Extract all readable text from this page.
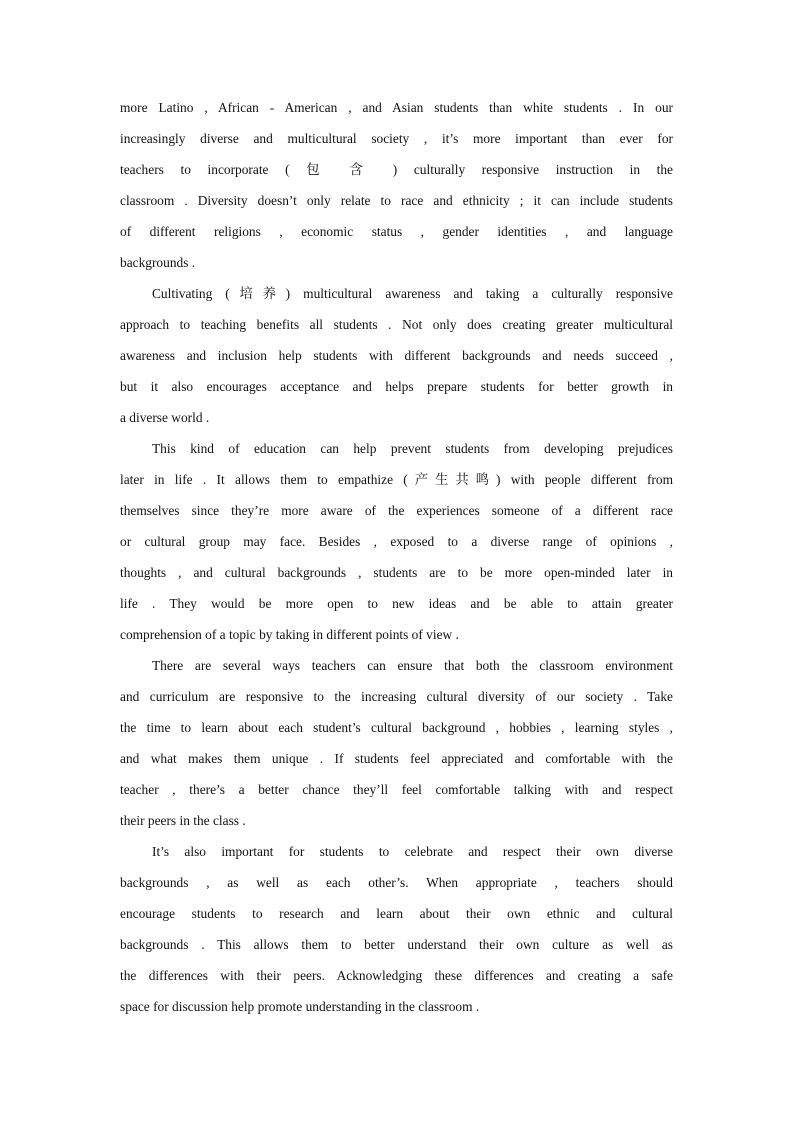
more Latino , African - American , and Asian students than white students . In our
increasingly diverse and multicultural society , it’s more important than ever for
teachers to incorporate ( 包 含 ) culturally responsive instruction in the
classroom . Diversity doesn’t only relate to race and ethnicity ; it can include students
of different religions , economic status , gender identities , and language
backgrounds .
Cultivating (培养) multicultural awareness and taking a culturally responsive
approach to teaching benefits all students . Not only does creating greater multicultural
awareness and inclusion help students with different backgrounds and needs succeed ,
but it also encourages acceptance and helps prepare students for better growth in
a diverse world .
This kind of education can help prevent students from developing prejudices
later in life . It allows them to empathize (产生共鸣) with people different from
themselves since they’re more aware of the experiences someone of a different race
or cultural group may face. Besides , exposed to a diverse range of opinions ,
thoughts , and cultural backgrounds , students are to be more open-minded later in
life . They would be more open to new ideas and be able to attain greater
comprehension of a topic by taking in different points of view .
There are several ways teachers can ensure that both the classroom environment
and curriculum are responsive to the increasing cultural diversity of our society . Take
the time to learn about each student’s cultural background , hobbies , learning styles ,
and what makes them unique . If students feel appreciated and comfortable with the
teacher , there’s a better chance they’ll feel comfortable talking with and respect
their peers in the class .
It’s also important for students to celebrate and respect their own diverse
backgrounds , as well as each other’s. When appropriate , teachers should
encourage students to research and learn about their own ethnic and cultural
backgrounds . This allows them to better understand their own culture as well as
the differences with their peers. Acknowledging these differences and creating a safe
space for discussion help promote understanding in the classroom .
